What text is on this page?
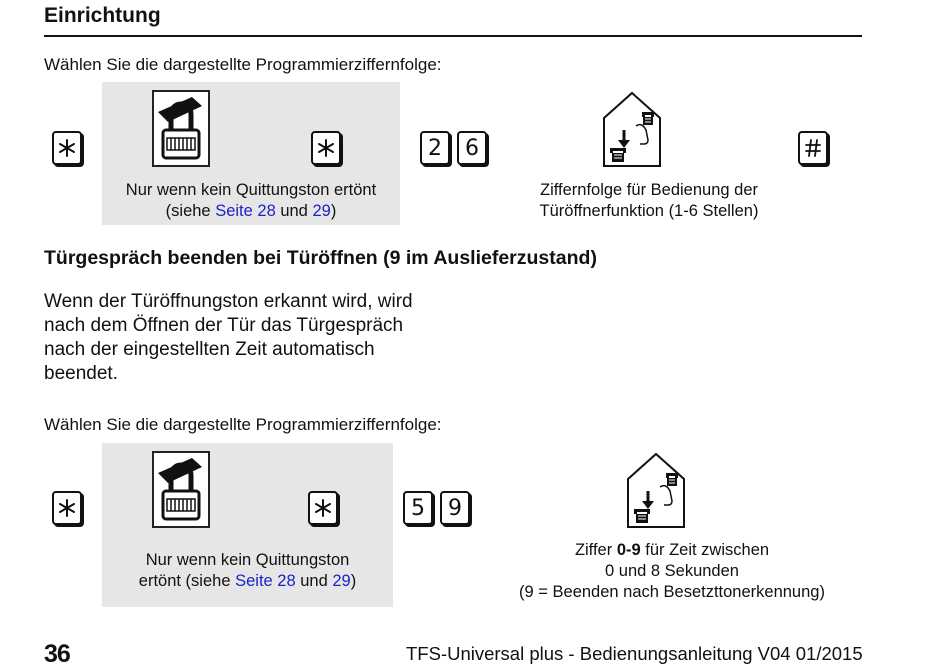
Einrichtung
Wählen Sie die dargestellte Programmierziffernfolge:
2	6
Nur wenn kein Quittungston ertönt
(siehe Seite 28 und 29)
Ziffernfolge für Bedienung der
Türöffnerfunktion (1-6 Stellen)
Türgespräch beenden bei Türöffnen (9 im Auslieferzustand)
Wenn der Türöffnungston erkannt wird, wird
nach dem Öffnen der Tür das Türgespräch
nach der eingestellten Zeit automatisch
beendet.
Wählen Sie die dargestellte Programmierziffernfolge:
5	9
Nur wenn kein Quittungston
ertönt (siehe Seite 28 und 29)
Ziffer 0-9 für Zeit zwischen
0 und 8 Sekunden
(9 = Beenden nach Besetzttonerkennung)
36	TFS-Universal plus - Bedienungsanleitung V04 01/2015
